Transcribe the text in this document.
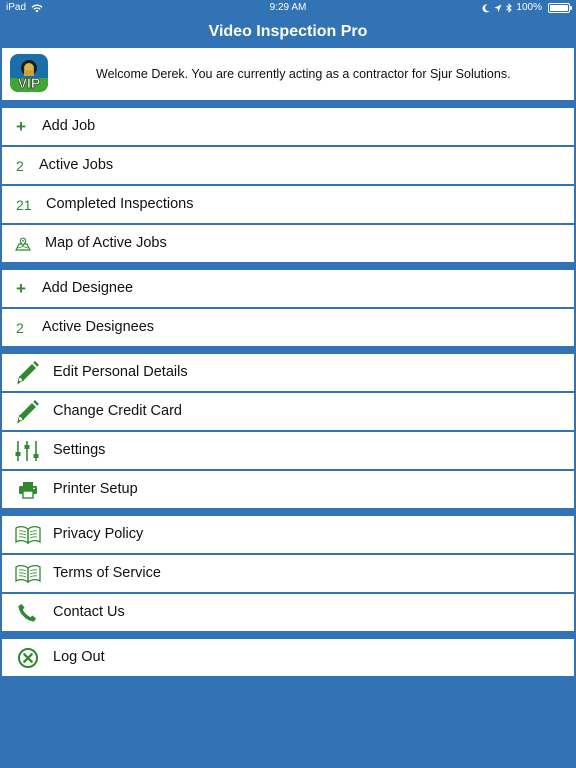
iPad	9:29 AM	100%
Video Inspection Pro
VIP
Welcome Derek. You are currently acting as a contractor for Sjur Solutions.
+ Add Job
2 Active Jobs
21 Completed Inspections
Map of Active Jobs
+ Add Designee
2 Active Designees
Edit Personal Details
Change Credit Card
Settings
Printer Setup
Privacy Policy
Terms of Service
Contact Us
Log Out
